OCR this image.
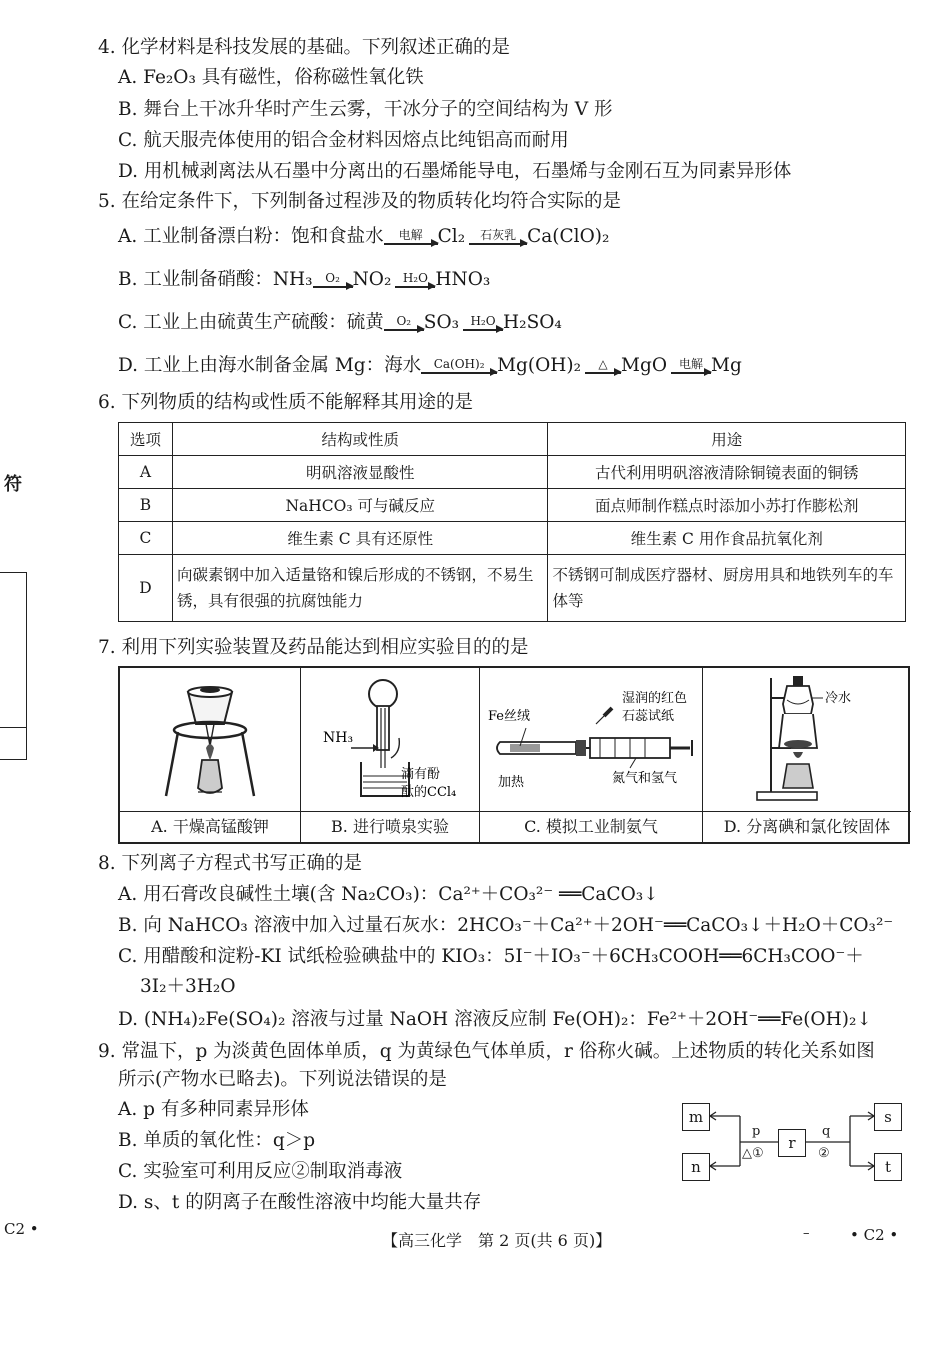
4. 化学材料是科技发展的基础。下列叙述正确的是
A. Fe₂O₃ 具有磁性，俗称磁性氧化铁
B. 舞台上干冰升华时产生云雾，干冰分子的空间结构为 V 形
C. 航天服壳体使用的铝合金材料因熔点比纯铝高而耐用
D. 用机械剥离法从石墨中分离出的石墨烯能导电，石墨烯与金刚石互为同素异形体
5. 在给定条件下，下列制备过程涉及的物质转化均符合实际的是
A. 工业制备漂白粉：饱和食盐水	电解 Cl₂	石灰乳 Ca(ClO)₂
B. 工业制备硝酸：NH₃	O₂ NO₂ H₂O HNO₃
C. 工业上由硫黄生产硫酸：硫黄	O₂ SO₃ H₂O H₂SO₄
D. 工业上由海水制备金属 Mg：海水	Ca(OH)₂ Mg(OH)₂	△ MgO 电解 Mg
6. 下列物质的结构或性质不能解释其用途的是
选项	结构或性质	用途
A	明矾溶液显酸性	古代利用明矾溶液清除铜镜表面的铜锈
B	NaHCO₃ 可与碱反应	面点师制作糕点时添加小苏打作膨松剂
C	维生素 C 具有还原性	维生素 C 用作食品抗氧化剂
D	向碳素钢中加入适量铬和镍后形成的不锈钢，不易生锈，具有很强的抗腐蚀能力	不锈钢可制成医疗器材、厨房用具和地铁列车的车体等
7. 利用下列实验装置及药品能达到相应实验目的的是
A. 干燥高锰酸钾
NH₃
滴有酚
酞的CCl₄
B. 进行喷泉实验
Fe丝绒
湿润的红色
石蕊试纸
加热	氮气和氢气
C. 模拟工业制氨气
冷水
D. 分离碘和氯化铵固体
8. 下列离子方程式书写正确的是
A. 用石膏改良碱性土壤(含 Na₂CO₃)：Ca²⁺＋CO₃²⁻ ══CaCO₃↓
B. 向 NaHCO₃ 溶液中加入过量石灰水：2HCO₃⁻＋Ca²⁺＋2OH⁻══CaCO₃↓＋H₂O＋CO₃²⁻
C. 用醋酸和淀粉-KI 试纸检验碘盐中的 KIO₃：5I⁻＋IO₃⁻＋6CH₃COOH══6CH₃COO⁻＋
3I₂＋3H₂O
D. (NH₄)₂Fe(SO₄)₂ 溶液与过量 NaOH 溶液反应制 Fe(OH)₂：Fe²⁺＋2OH⁻══Fe(OH)₂↓
9. 常温下，p 为淡黄色固体单质，q 为黄绿色气体单质，r 俗称火碱。上述物质的转化关系如图
所示(产物水已略去)。下列说法错误的是
A. p 有多种同素异形体
B. 单质的氧化性：q＞p
C. 实验室可利用反应②制取消毒液
D. s、t 的阴离子在酸性溶液中均能大量共存
m
n
r
s
t
p
△①
q
②
符
C2 •
【高三化学　第 2 页(共 6 页)】	–	• C2 •
